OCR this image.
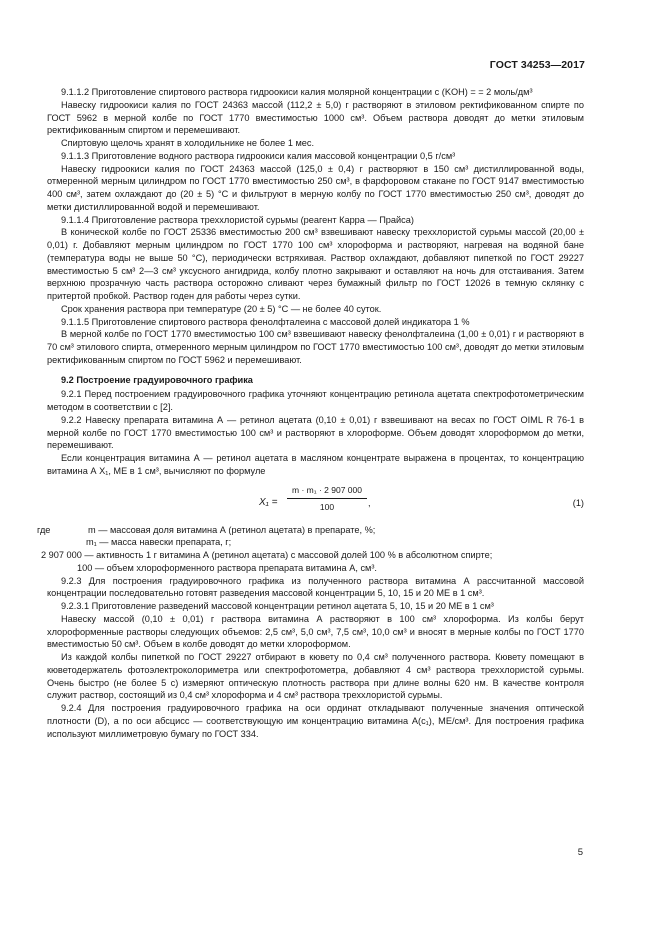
ГОСТ 34253—2017

9.1.1.2 Приготовление спиртового раствора гидроокиси калия молярной концентрации c (KOH) = = 2 моль/дм³

Навеску гидроокиси калия по ГОСТ 24363 массой (112,2 ± 5,0) г растворяют в этиловом ректификованном спирте по ГОСТ 5962 в мерной колбе по ГОСТ 1770 вместимостью 1000 см³. Объем раствора доводят до метки этиловым ректификованным спиртом и перемешивают.

Спиртовую щелочь хранят в холодильнике не более 1 мес.

9.1.1.3 Приготовление водного раствора гидроокиси калия массовой концентрации 0,5 г/см³

Навеску гидроокиси калия по ГОСТ 24363 массой (125,0 ± 0,4) г растворяют в 150 см³ дистиллированной воды, отмеренной мерным цилиндром по ГОСТ 1770 вместимостью 250 см³, в фарфоровом стакане по ГОСТ 9147 вместимостью 400 см³, затем охлаждают до (20 ± 5) °С и фильтруют в мерную колбу по ГОСТ 1770 вместимостью 250 см³, доводят до метки дистиллированной водой и перемешивают.

9.1.1.4 Приготовление раствора треххлористой сурьмы (реагент Карра — Прайса)

В конической колбе по ГОСТ 25336 вместимостью 200 см³ взвешивают навеску треххлористой сурьмы массой (20,00 ± 0,01) г. Добавляют мерным цилиндром по ГОСТ 1770 100 см³ хлороформа и растворяют, нагревая на водяной бане (температура воды не выше 50 °С), периодически встряхивая. Раствор охлаждают, добавляют пипеткой по ГОСТ 29227 вместимостью 5 см³ 2—3 см³ уксусного ангидрида, колбу плотно закрывают и оставляют на ночь для отстаивания. Затем верхнюю прозрачную часть раствора осторожно сливают через бумажный фильтр по ГОСТ 12026 в темную склянку с притертой пробкой. Раствор годен для работы через сутки.

Срок хранения раствора при температуре (20 ± 5) °С — не более 40 суток.

9.1.1.5 Приготовление спиртового раствора фенолфталеина с массовой долей индикатора 1 %

В мерной колбе по ГОСТ 1770 вместимостью 100 см³ взвешивают навеску фенолфталеина (1,00 ± 0,01) г и растворяют в 70 см³ этилового спирта, отмеренного мерным цилиндром по ГОСТ 1770 вместимостью 100 см³, доводят до метки этиловым ректификованным спиртом по ГОСТ 5962 и перемешивают.

9.2 Построение градуировочного графика

9.2.1 Перед построением градуировочного графика уточняют концентрацию ретинола ацетата спектрофотометрическим методом в соответствии с [2].

9.2.2 Навеску препарата витамина А — ретинол ацетата (0,10 ± 0,01) г взвешивают на весах по ГОСТ OIML R 76-1 в мерной колбе по ГОСТ 1770 вместимостью 100 см³ и растворяют в хлороформе. Объем доводят хлороформом до метки, перемешивают.

Если концентрация витамина А — ретинол ацетата в масляном концентрате выражена в процентах, то концентрацию витамина А X₁, МЕ в 1 см³, вычисляют по формуле

$X_1 = \frac{\text{m · m₁ · 2 907 000}}{100}$ ,	(1)
где	m — массовая доля витамина А (ретинол ацетата) в препарате, %;
m₁ — масса навески препарата, г;
2 907 000 — активность 1 г витамина А (ретинол ацетата) с массовой долей 100 % в абсолютном спирте;
100 — объем хлороформенного раствора препарата витамина А, см³.

9.2.3 Для построения градуировочного графика из полученного раствора витамина А рассчитанной массовой концентрации последовательно готовят разведения массовой концентрации 5, 10, 15 и 20 МЕ в 1 см³.

9.2.3.1 Приготовление разведений массовой концентрации ретинол ацетата 5, 10, 15 и 20 МЕ в 1 см³

Навеску массой (0,10 ± 0,01) г раствора витамина А растворяют в 100 см³ хлороформа. Из колбы берут хлороформенные растворы следующих объемов: 2,5 см³, 5,0 см³, 7,5 см³, 10,0 см³ и вносят в мерные колбы по ГОСТ 1770 вместимостью 50 см³. Объем в колбе доводят до метки хлороформом.

Из каждой колбы пипеткой по ГОСТ 29227 отбирают в кювету по 0,4 см³ полученного раствора. Кювету помещают в кюветодержатель фотоэлектроколориметра или спектрофотометра, добавляют 4 см³ раствора треххлористой сурьмы. Очень быстро (не более 5 с) измеряют оптическую плотность раствора при длине волны 620 нм. В качестве контроля служит раствор, состоящий из 0,4 см³ хлороформа и 4 см³ раствора треххлористой сурьмы.

9.2.4 Для построения градуировочного графика на оси ординат откладывают полученные значения оптической плотности (D), а по оси абсцисс — соответствующую им концентрацию витамина A(c₁), МЕ/см³. Для построения графика используют миллиметровую бумагу по ГОСТ 334.

5
